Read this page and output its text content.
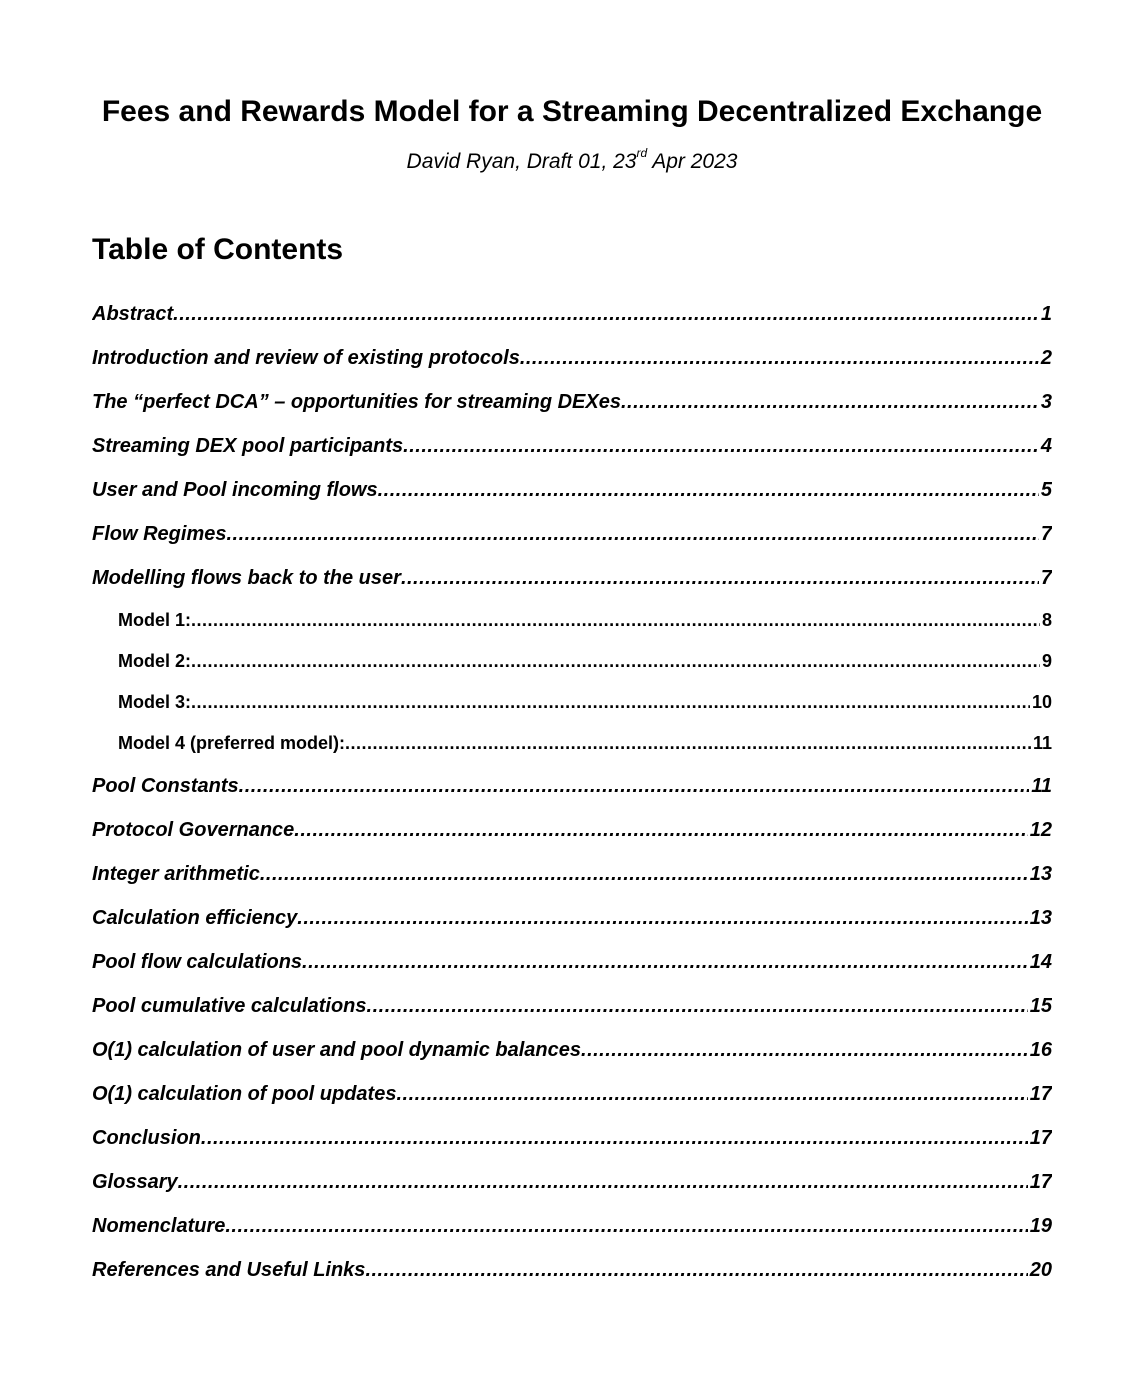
Fees and Rewards Model for a Streaming Decentralized Exchange
David Ryan, Draft 01, 23rd Apr 2023
Table of Contents
Abstract .....	1
Introduction and review of existing protocols .....	2
The “perfect DCA” – opportunities for streaming DEXes .....	3
Streaming DEX pool participants .....	4
User and Pool incoming flows .....	5
Flow Regimes .....	7
Modelling flows back to the user .....	7
Model 1: .....	8
Model 2: .....	9
Model 3: .....	10
Model 4 (preferred model): .....	11
Pool Constants .....	11
Protocol Governance .....	12
Integer arithmetic .....	13
Calculation efficiency .....	13
Pool flow calculations .....	14
Pool cumulative calculations .....	15
O(1) calculation of user and pool dynamic balances .....	16
O(1) calculation of pool updates .....	17
Conclusion .....	17
Glossary .....	17
Nomenclature .....	19
References and Useful Links .....	20
